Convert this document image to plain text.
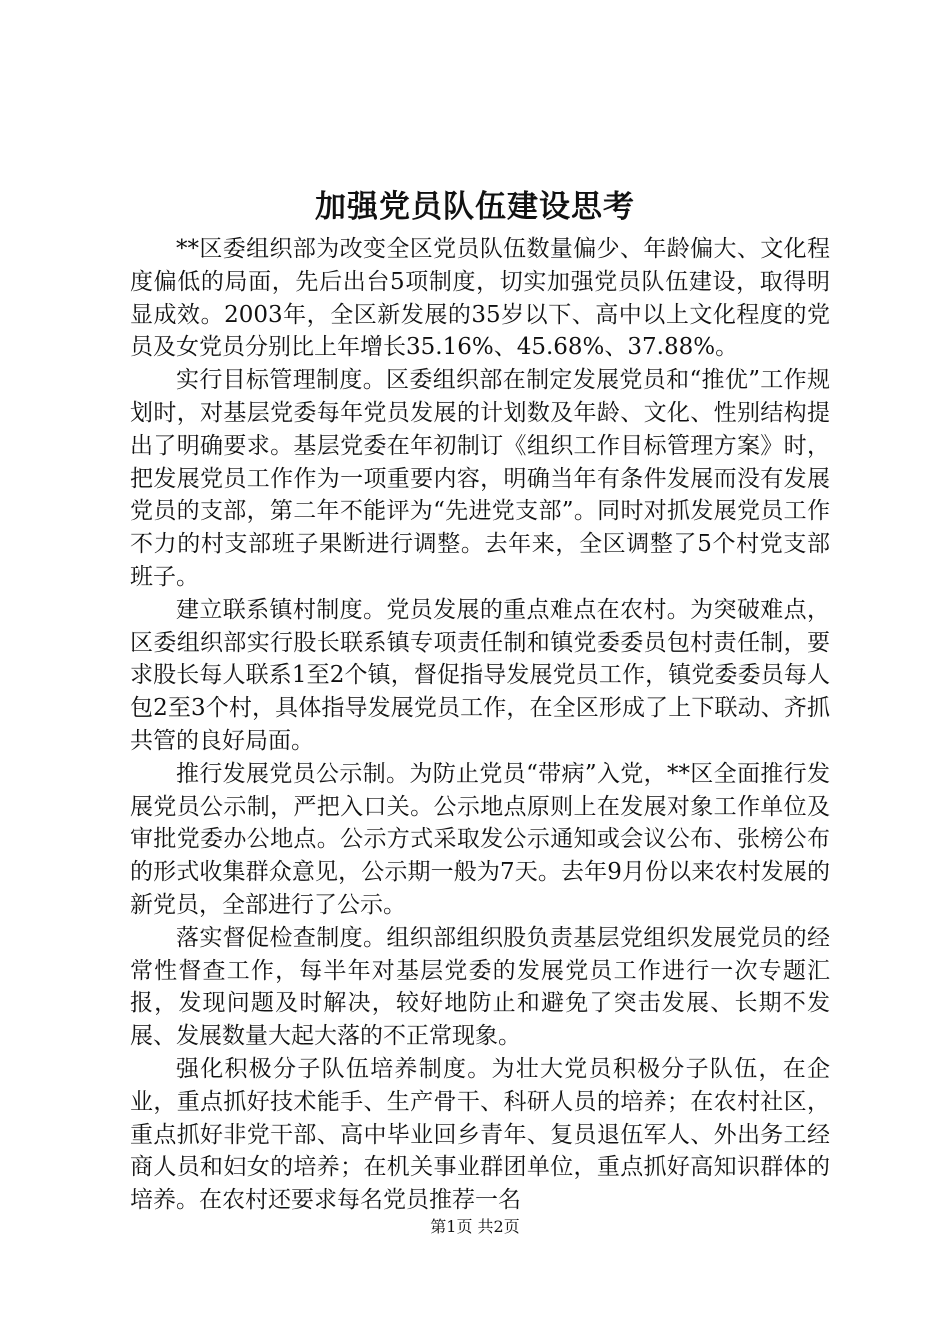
加强党员队伍建设思考

**区委组织部为改变全区党员队伍数量偏少、年龄偏大、文化程度偏低的局面，先后出台5项制度，切实加强党员队伍建设，取得明显成效。2003年，全区新发展的35岁以下、高中以上文化程度的党员及女党员分别比上年增长35.16%、45.68%、37.88%。

实行目标管理制度。区委组织部在制定发展党员和“推优”工作规划时，对基层党委每年党员发展的计划数及年龄、文化、性别结构提出了明确要求。基层党委在年初制订《组织工作目标管理方案》时，把发展党员工作作为一项重要内容，明确当年有条件发展而没有发展党员的支部，第二年不能评为“先进党支部”。同时对抓发展党员工作不力的村支部班子果断进行调整。去年来，全区调整了5个村党支部班子。

建立联系镇村制度。党员发展的重点难点在农村。为突破难点，区委组织部实行股长联系镇专项责任制和镇党委委员包村责任制，要求股长每人联系1至2个镇，督促指导发展党员工作，镇党委委员每人包2至3个村，具体指导发展党员工作，在全区形成了上下联动、齐抓共管的良好局面。

推行发展党员公示制。为防止党员“带病”入党，**区全面推行发展党员公示制，严把入口关。公示地点原则上在发展对象工作单位及审批党委办公地点。公示方式采取发公示通知或会议公布、张榜公布的形式收集群众意见，公示期一般为7天。去年9月份以来农村发展的新党员，全部进行了公示。

落实督促检查制度。组织部组织股负责基层党组织发展党员的经常性督查工作，每半年对基层党委的发展党员工作进行一次专题汇报，发现问题及时解决，较好地防止和避免了突击发展、长期不发展、发展数量大起大落的不正常现象。

强化积极分子队伍培养制度。为壮大党员积极分子队伍，在企业，重点抓好技术能手、生产骨干、科研人员的培养；在农村社区，重点抓好非党干部、高中毕业回乡青年、复员退伍军人、外出务工经商人员和妇女的培养；在机关事业群团单位，重点抓好高知识群体的培养。在农村还要求每名党员推荐一名

第1页 共2页
